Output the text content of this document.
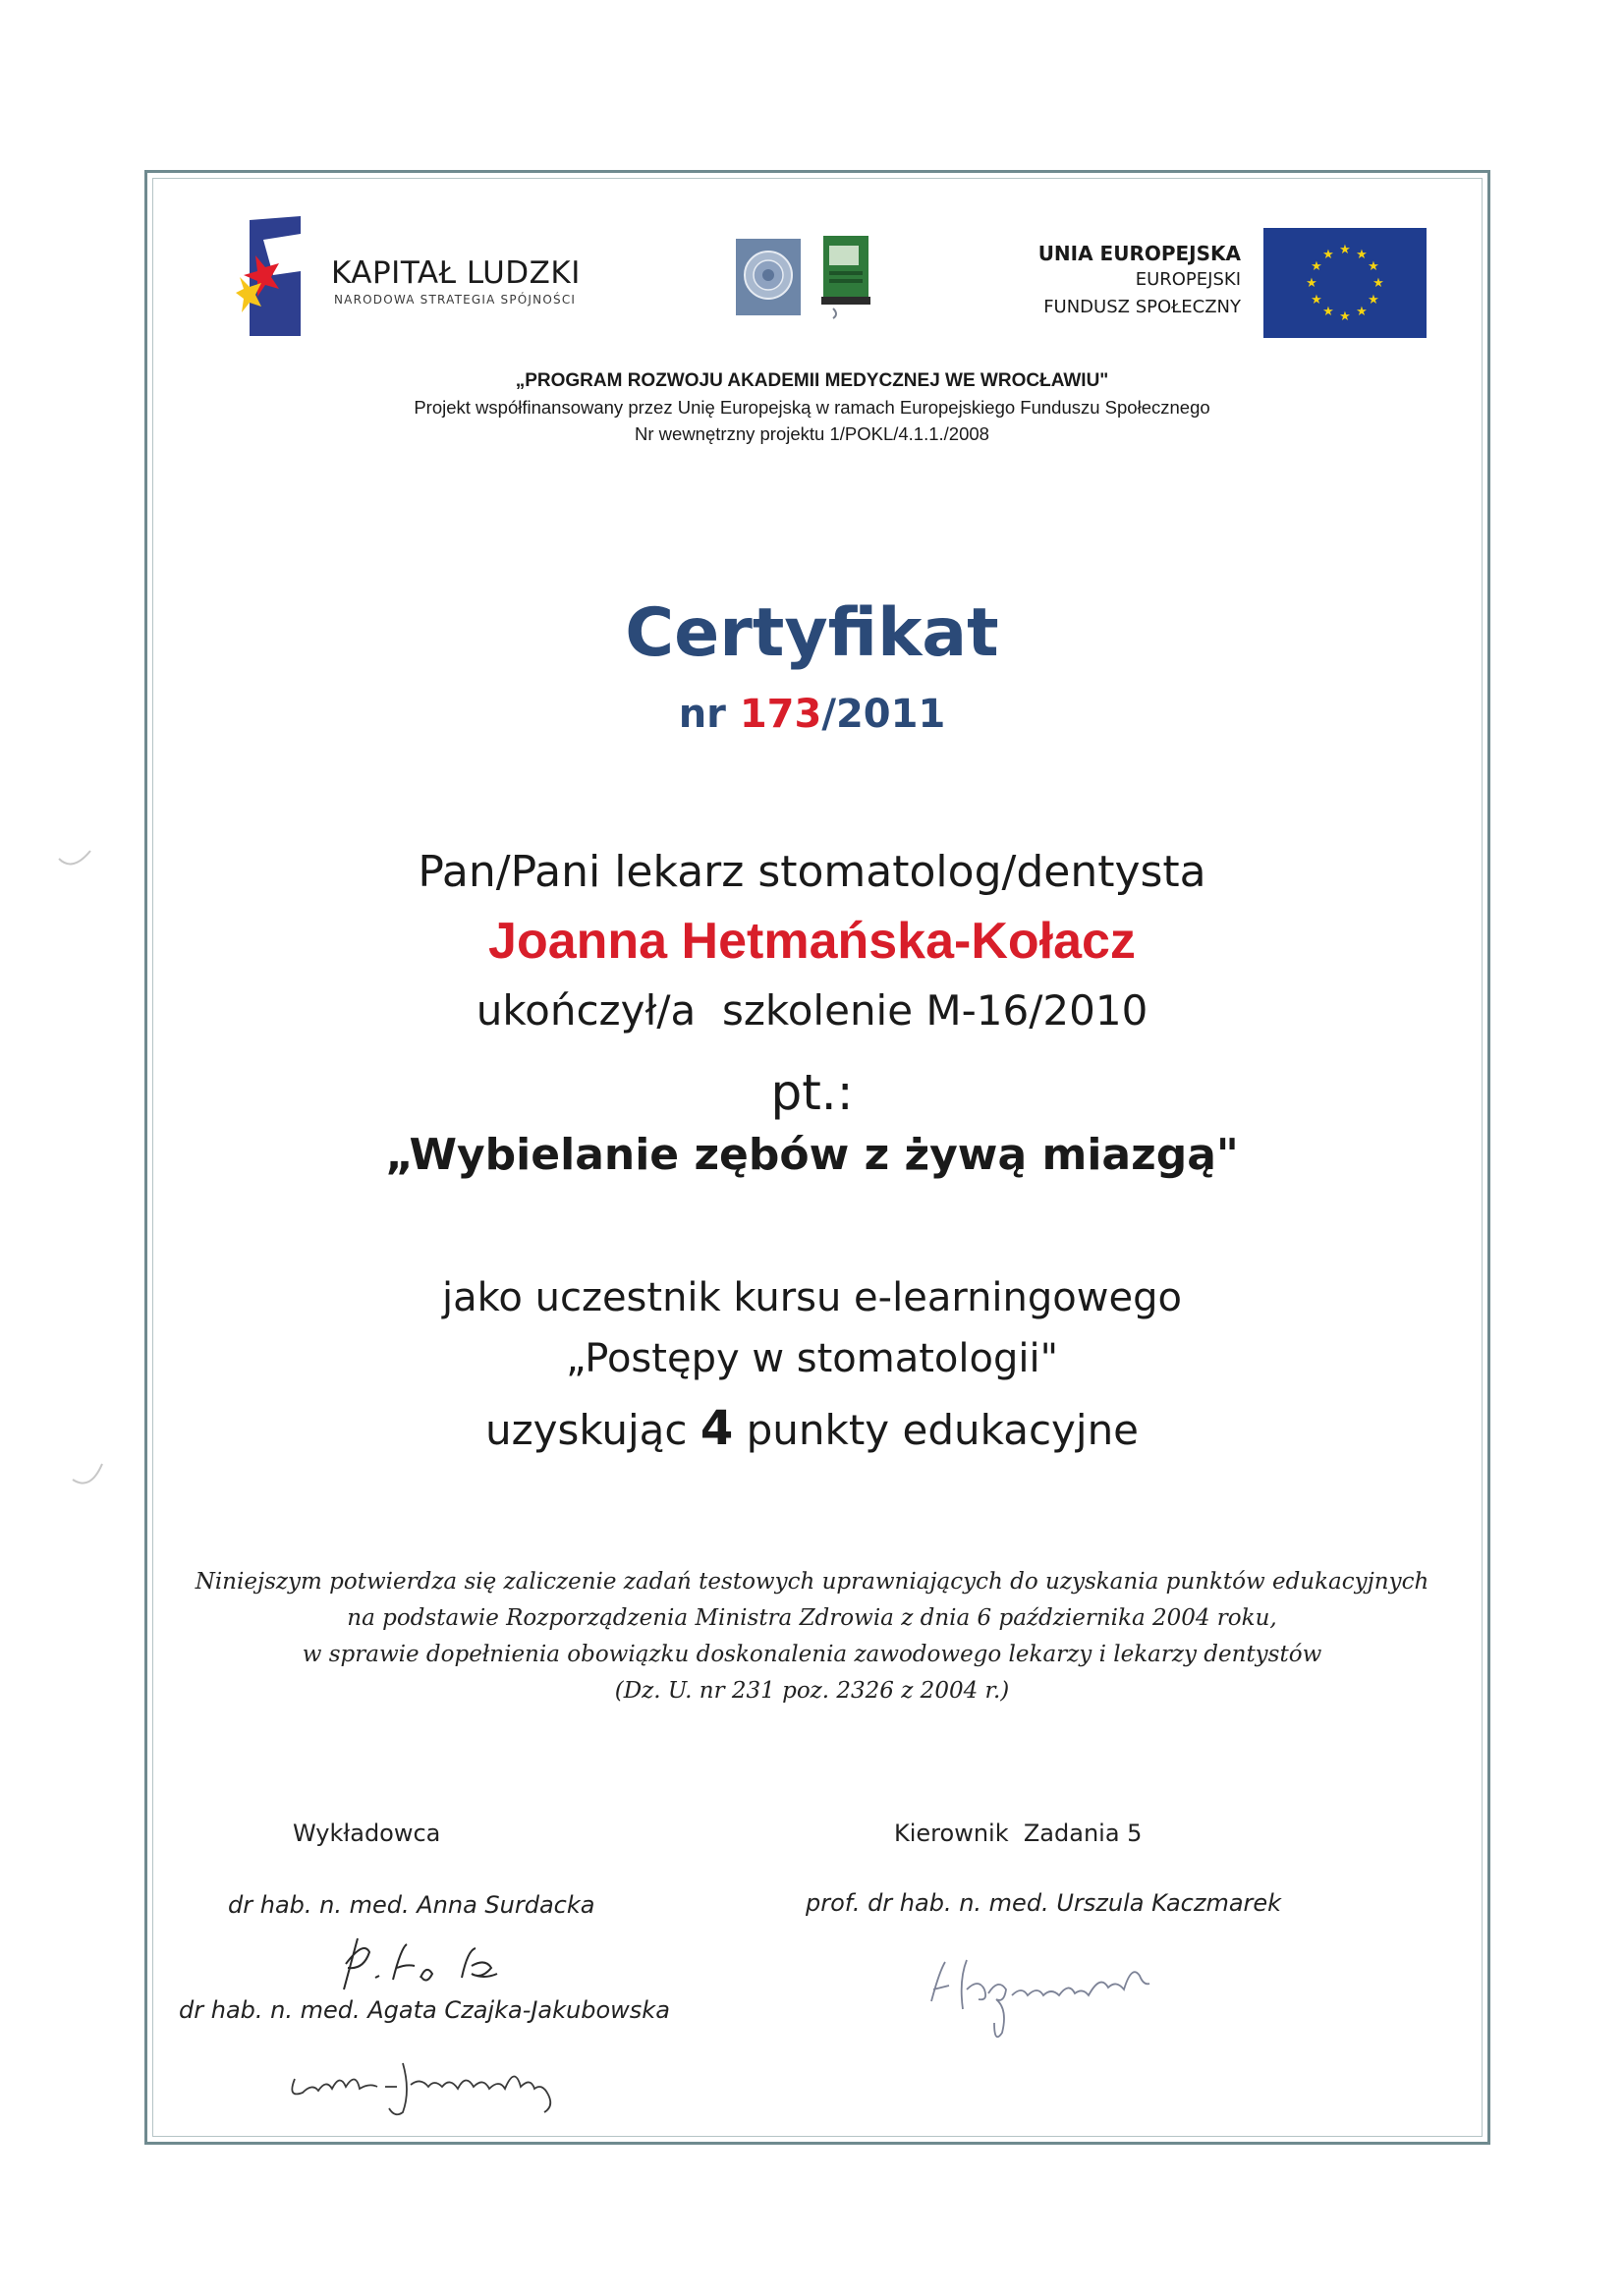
KAPITAŁ LUDZKI
NARODOWA STRATEGIA SPÓJNOŚCI
UNIA EUROPEJSKA
EUROPEJSKI
FUNDUSZ SPOŁECZNY
★ ★
★
★
★
★
★
★
★
★
★
★
„PROGRAM ROZWOJU AKADEMII MEDYCZNEJ WE WROCŁAWIU"
Projekt współfinansowany przez Unię Europejską w ramach Europejskiego Funduszu Społecznego
Nr wewnętrzny projektu 1/POKL/4.1.1./2008
Certyfikat
nr 173/2011
Pan/Pani lekarz stomatolog/dentysta
Joanna Hetmańska-Kołacz
ukończył/a  szkolenie M-16/2010
pt.:
„Wybielanie zębów z żywą miazgą"
jako uczestnik kursu e-learningowego
„Postępy w stomatologii"
uzyskując 4 punkty edukacyjne
Niniejszym potwierdza się zaliczenie zadań testowych uprawniających do uzyskania punktów edukacyjnych
na podstawie Rozporządzenia Ministra Zdrowia z dnia 6 października 2004 roku,
w sprawie dopełnienia obowiązku doskonalenia zawodowego lekarzy i lekarzy dentystów
(Dz. U. nr 231 poz. 2326 z 2004 r.)
Wykładowca
dr hab. n. med. Anna Surdacka
dr hab. n. med. Agata Czajka-Jakubowska
Kierownik  Zadania 5
prof. dr hab. n. med. Urszula Kaczmarek
